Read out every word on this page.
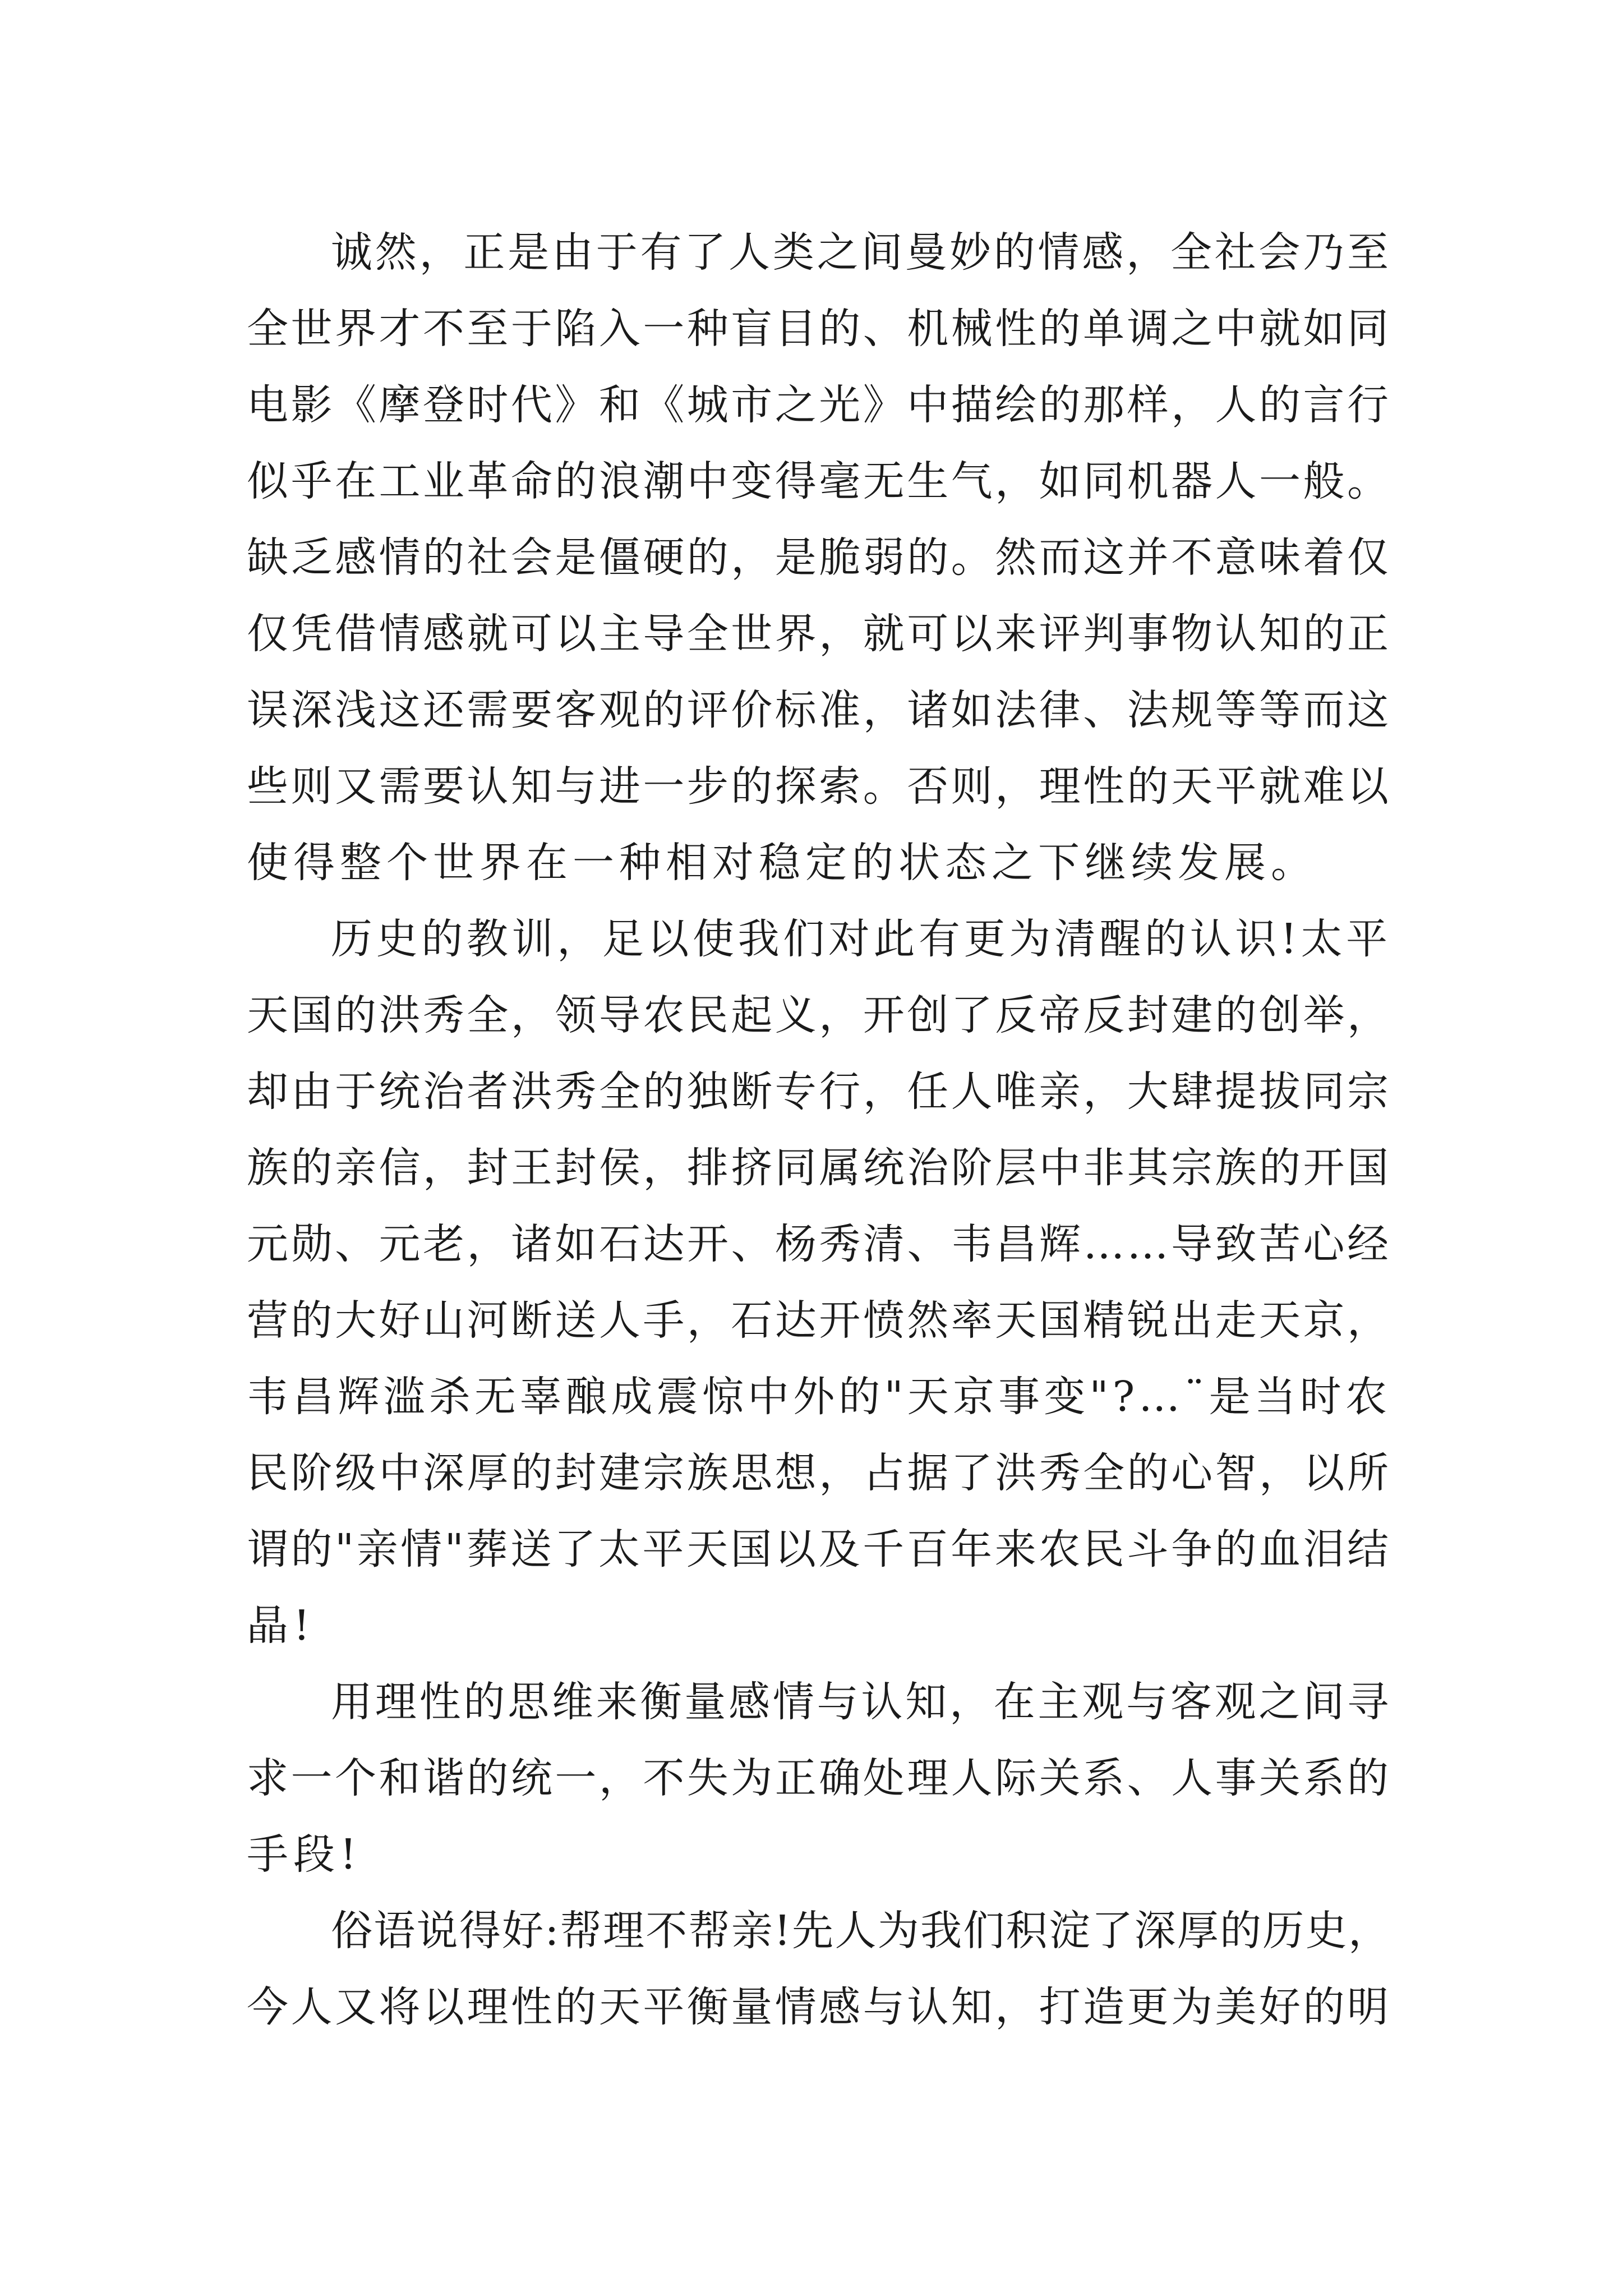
诚然，正是由于有了人类之间曼妙的情感，全社会乃至
全世界才不至于陷入一种盲目的、机械性的单调之中就如同
电影《摩登时代》和《城市之光》中描绘的那样，人的言行
似乎在工业革命的浪潮中变得毫无生气，如同机器人一般。
缺乏感情的社会是僵硬的，是脆弱的。然而这并不意味着仅
仅凭借情感就可以主导全世界，就可以来评判事物认知的正
误深浅这还需要客观的评价标准，诸如法律、法规等等而这
些则又需要认知与进一步的探索。否则，理性的天平就难以
使得整个世界在一种相对稳定的状态之下继续发展。
历史的教训，足以使我们对此有更为清醒的认识!太平
天国的洪秀全，领导农民起义，开创了反帝反封建的创举，
却由于统治者洪秀全的独断专行，任人唯亲，大肆提拔同宗
族的亲信，封王封侯，排挤同属统治阶层中非其宗族的开国
元勋、元老，诸如石达开、杨秀清、韦昌辉……导致苦心经
营的大好山河断送人手，石达开愤然率天国精锐出走天京，
韦昌辉滥杀无辜酿成震惊中外的"天京事变"?…¨是当时农
民阶级中深厚的封建宗族思想，占据了洪秀全的心智，以所
谓的"亲情"葬送了太平天国以及千百年来农民斗争的血泪结
晶!
用理性的思维来衡量感情与认知，在主观与客观之间寻
求一个和谐的统一，不失为正确处理人际关系、人事关系的
手段!
俗语说得好:帮理不帮亲!先人为我们积淀了深厚的历史，
今人又将以理性的天平衡量情感与认知，打造更为美好的明
